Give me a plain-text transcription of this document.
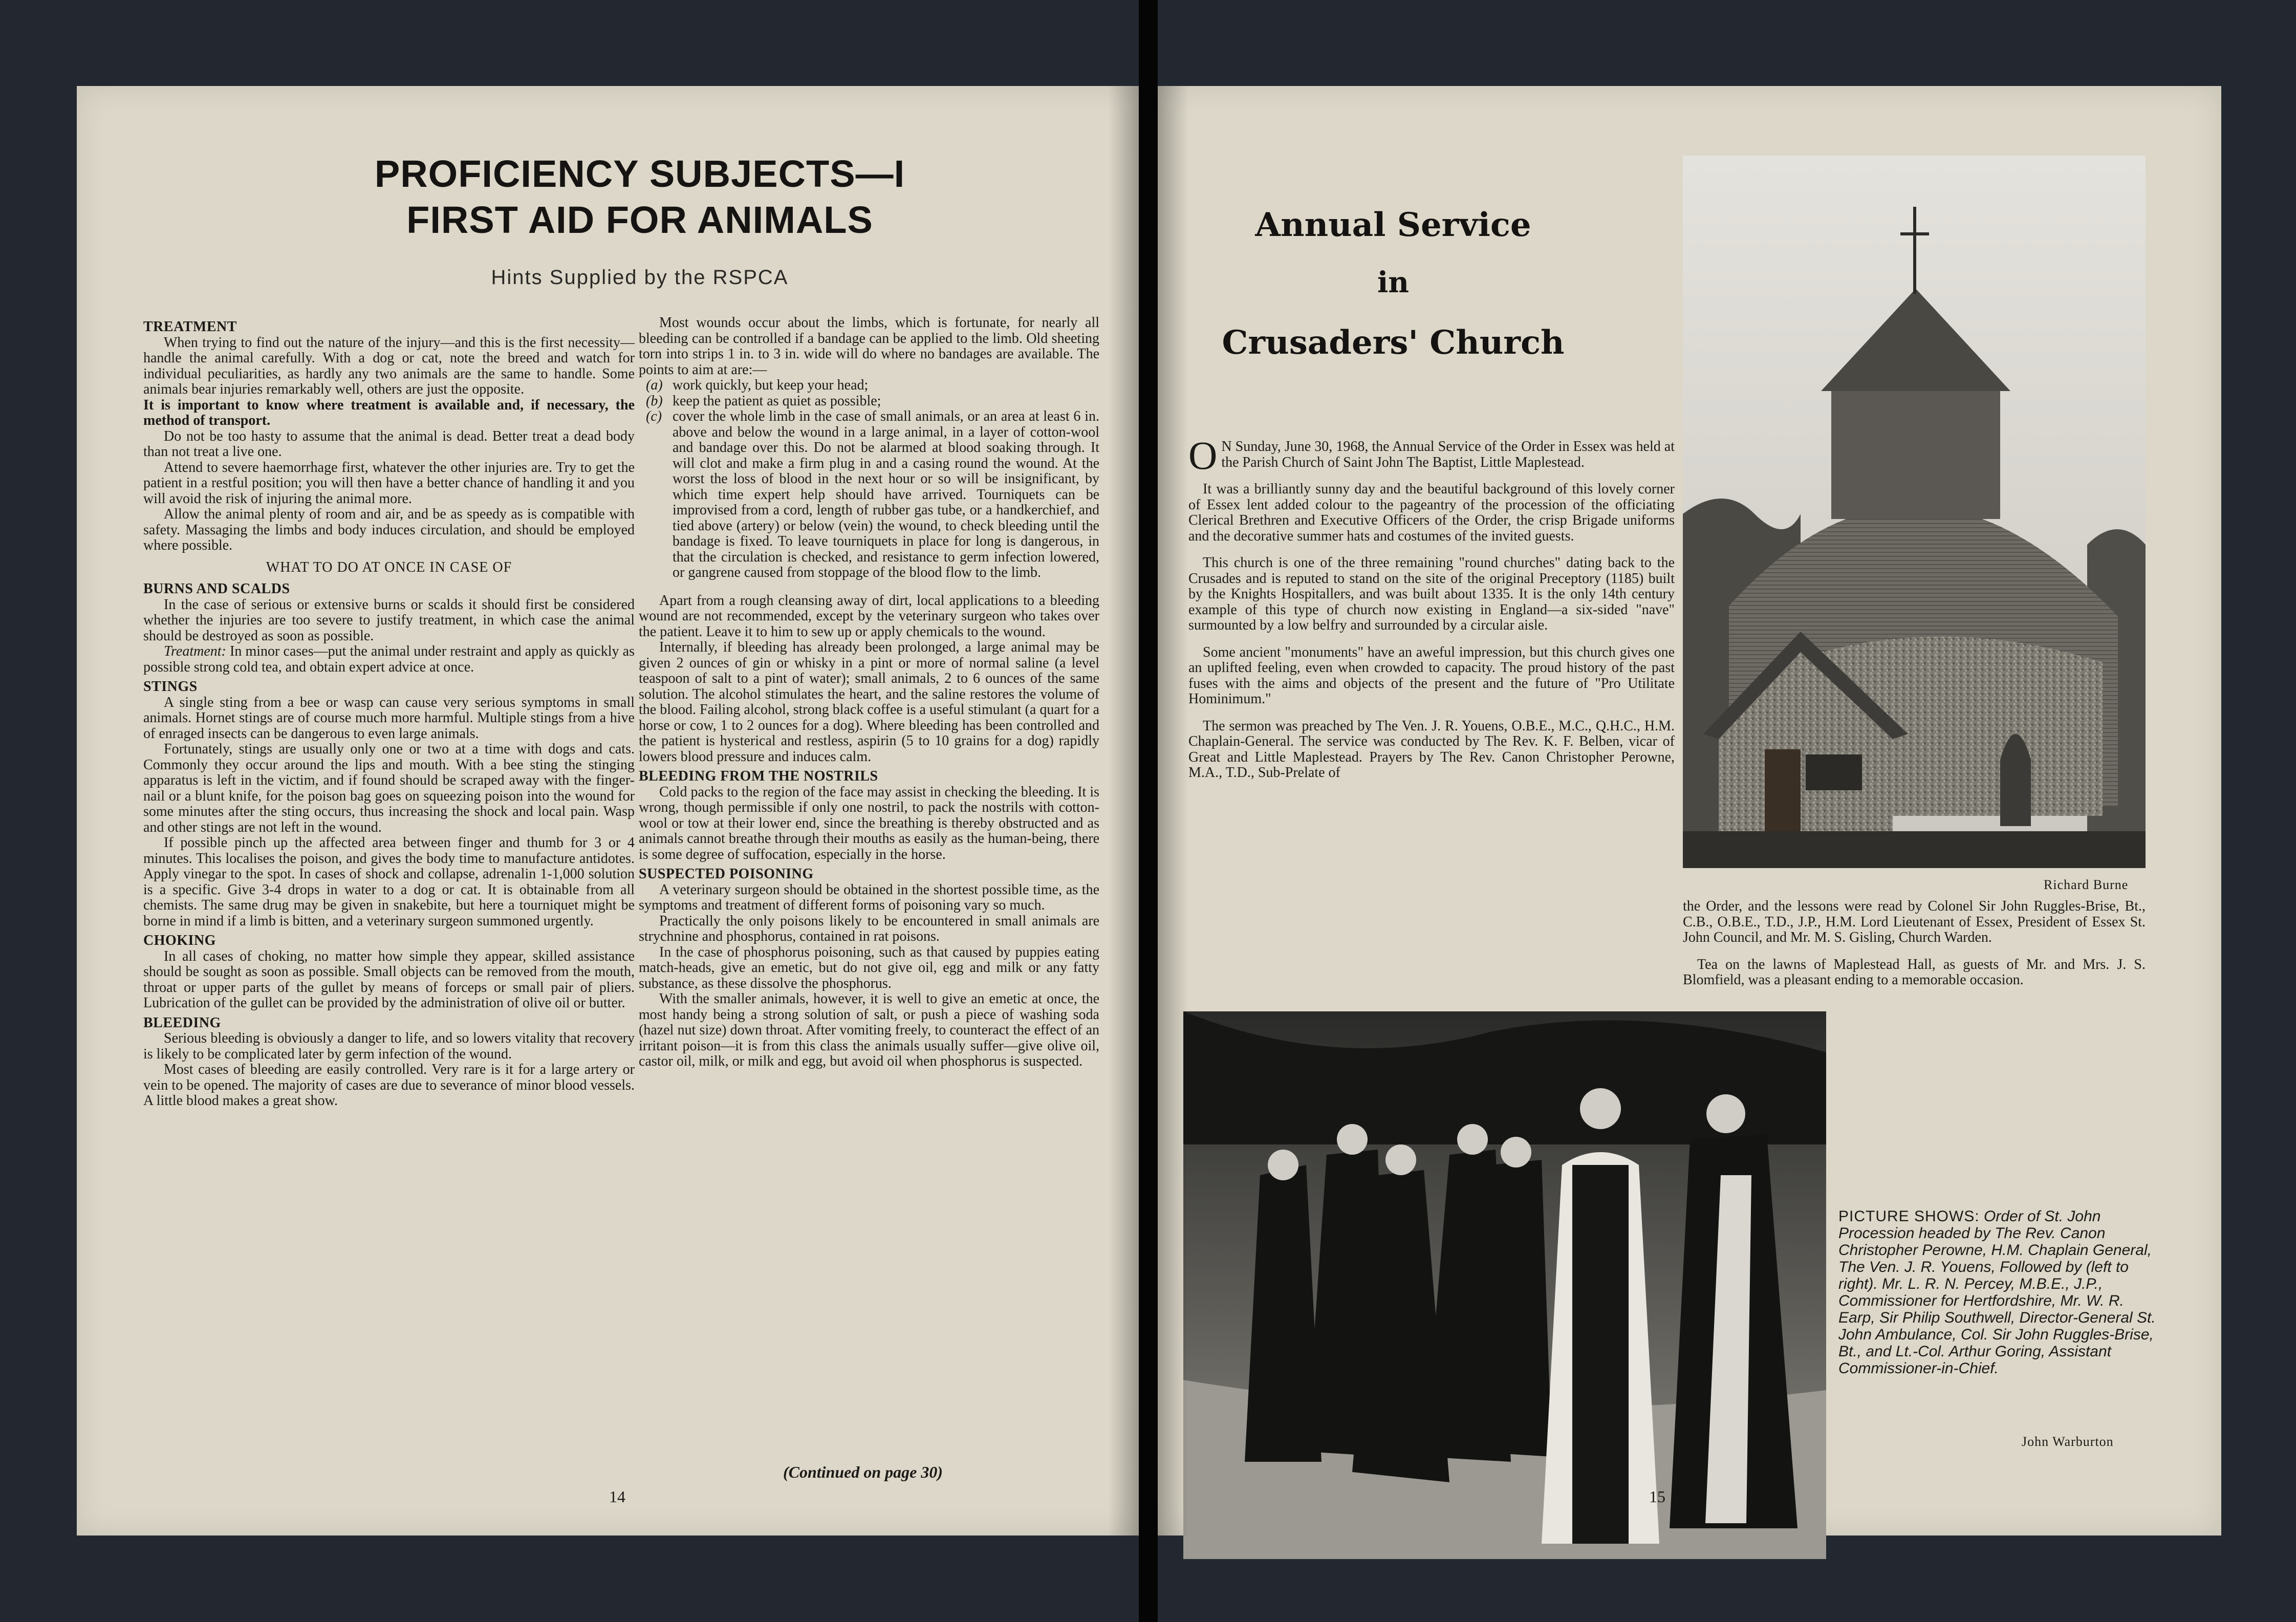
PROFICIENCY SUBJECTS—I
FIRST AID FOR ANIMALS
Hints Supplied by the RSPCA

TREATMENT

When trying to find out the nature of the injury—and this is the first necessity—handle the animal carefully. With a dog or cat, note the breed and watch for individual peculiarities, as hardly any two animals are the same to handle. Some animals bear injuries remarkably well, others are just the opposite.

It is important to know where treatment is available and, if necessary, the method of transport.

Do not be too hasty to assume that the animal is dead. Better treat a dead body than not treat a live one.

Attend to severe haemorrhage first, whatever the other injuries are. Try to get the patient in a restful position; you will then have a better chance of handling it and you will avoid the risk of injuring the animal more.

Allow the animal plenty of room and air, and be as speedy as is compatible with safety. Massaging the limbs and body induces circulation, and should be employed where possible.

WHAT TO DO AT ONCE IN CASE OF

BURNS AND SCALDS

In the case of serious or extensive burns or scalds it should first be considered whether the injuries are too severe to justify treatment, in which case the animal should be destroyed as soon as possible.

Treatment: In minor cases—put the animal under restraint and apply as quickly as possible strong cold tea, and obtain expert advice at once.

STINGS

A single sting from a bee or wasp can cause very serious symptoms in small animals. Hornet stings are of course much more harmful. Multiple stings from a hive of enraged insects can be dangerous to even large animals.

Fortunately, stings are usually only one or two at a time with dogs and cats. Commonly they occur around the lips and mouth. With a bee sting the stinging apparatus is left in the victim, and if found should be scraped away with the finger-nail or a blunt knife, for the poison bag goes on squeezing poison into the wound for some minutes after the sting occurs, thus increasing the shock and local pain. Wasp and other stings are not left in the wound.

If possible pinch up the affected area between finger and thumb for 3 or 4 minutes. This localises the poison, and gives the body time to manufacture antidotes. Apply vinegar to the spot. In cases of shock and collapse, adrenalin 1-1,000 solution is a specific. Give 3-4 drops in water to a dog or cat. It is obtainable from all chemists. The same drug may be given in snakebite, but here a tourniquet might be borne in mind if a limb is bitten, and a veterinary surgeon summoned urgently.

CHOKING

In all cases of choking, no matter how simple they appear, skilled assistance should be sought as soon as possible. Small objects can be removed from the mouth, throat or upper parts of the gullet by means of forceps or small pair of pliers. Lubrication of the gullet can be provided by the administration of olive oil or butter.

BLEEDING

Serious bleeding is obviously a danger to life, and so lowers vitality that recovery is likely to be complicated later by germ infection of the wound.

Most cases of bleeding are easily controlled. Very rare is it for a large artery or vein to be opened. The majority of cases are due to severance of minor blood vessels. A little blood makes a great show.

Most wounds occur about the limbs, which is fortunate, for nearly all bleeding can be controlled if a bandage can be applied to the limb. Old sheeting torn into strips 1 in. to 3 in. wide will do where no bandages are available. The points to aim at are:—

(a) work quickly, but keep your head;

(b) keep the patient as quiet as possible;

(c) cover the whole limb in the case of small animals, or an area at least 6 in. above and below the wound in a large animal, in a layer of cotton-wool and bandage over this. Do not be alarmed at blood soaking through. It will clot and make a firm plug in and a casing round the wound. At the worst the loss of blood in the next hour or so will be insignificant, by which time expert help should have arrived. Tourniquets can be improvised from a cord, length of rubber gas tube, or a handkerchief, and tied above (artery) or below (vein) the wound, to check bleeding until the bandage is fixed. To leave tourniquets in place for long is dangerous, in that the circulation is checked, and resistance to germ infection lowered, or gangrene caused from stoppage of the blood flow to the limb.

Apart from a rough cleansing away of dirt, local applications to a bleeding wound are not recommended, except by the veterinary surgeon who takes over the patient. Leave it to him to sew up or apply chemicals to the wound.

Internally, if bleeding has already been prolonged, a large animal may be given 2 ounces of gin or whisky in a pint or more of normal saline (a level teaspoon of salt to a pint of water); small animals, 2 to 6 ounces of the same solution. The alcohol stimulates the heart, and the saline restores the volume of the blood. Failing alcohol, strong black coffee is a useful stimulant (a quart for a horse or cow, 1 to 2 ounces for a dog). Where bleeding has been controlled and the patient is hysterical and restless, aspirin (5 to 10 grains for a dog) rapidly lowers blood pressure and induces calm.

BLEEDING FROM THE NOSTRILS

Cold packs to the region of the face may assist in checking the bleeding. It is wrong, though permissible if only one nostril, to pack the nostrils with cotton-wool or tow at their lower end, since the breathing is thereby obstructed and as animals cannot breathe through their mouths as easily as the human-being, there is some degree of suffocation, especially in the horse.

SUSPECTED POISONING

A veterinary surgeon should be obtained in the shortest possible time, as the symptoms and treatment of different forms of poisoning vary so much.

Practically the only poisons likely to be encountered in small animals are strychnine and phosphorus, contained in rat poisons.

In the case of phosphorus poisoning, such as that caused by puppies eating match-heads, give an emetic, but do not give oil, egg and milk or any fatty substance, as these dissolve the phosphorus.

With the smaller animals, however, it is well to give an emetic at once, the most handy being a strong solution of salt, or push a piece of washing soda (hazel nut size) down throat. After vomiting freely, to counteract the effect of an irritant poison—it is from this class the animals usually suffer—give olive oil, castor oil, milk, or milk and egg, but avoid oil when phosphorus is suspected.

(Continued on page 30)
14
Annual Service
in
Crusaders' Church

O N Sunday, June 30, 1968, the Annual Service of the Order in Essex was held at the Parish Church of Saint John The Baptist, Little Maplestead.

It was a brilliantly sunny day and the beautiful background of this lovely corner of Essex lent added colour to the pageantry of the procession of the officiating Clerical Brethren and Executive Officers of the Order, the crisp Brigade uniforms and the decorative summer hats and costumes of the invited guests.

This church is one of the three remaining "round churches" dating back to the Crusades and is reputed to stand on the site of the original Preceptory (1185) built by the Knights Hospitallers, and was built about 1335. It is the only 14th century example of this type of church now existing in England—a six-sided "nave" surmounted by a low belfry and surrounded by a circular aisle.

Some ancient "monuments" have an aweful impression, but this church gives one an uplifted feeling, even when crowded to capacity. The proud history of the past fuses with the aims and objects of the present and the future of "Pro Utilitate Hominimum."

The sermon was preached by The Ven. J. R. Youens, O.B.E., M.C., Q.H.C., H.M. Chaplain-General. The service was conducted by The Rev. K. F. Belben, vicar of Great and Little Maplestead. Prayers by The Rev. Canon Christopher Perowne, M.A., T.D., Sub-Prelate of

Richard Burne

the Order, and the lessons were read by Colonel Sir John Ruggles-Brise, Bt., C.B., O.B.E., T.D., J.P., H.M. Lord Lieutenant of Essex, President of Essex St. John Council, and Mr. M. S. Gisling, Church Warden.

Tea on the lawns of Maplestead Hall, as guests of Mr. and Mrs. J. S. Blomfield, was a pleasant ending to a memorable occasion.

PICTURE SHOWS: Order of St. John Procession headed by The Rev. Canon Christopher Perowne, H.M. Chaplain General, The Ven. J. R. Youens, Followed by (left to right). Mr. L. R. N. Percey, M.B.E., J.P., Commissioner for Hertfordshire, Mr. W. R. Earp, Sir Philip Southwell, Director-General St. John Ambulance, Col. Sir John Ruggles-Brise, Bt., and Lt.-Col. Arthur Goring, Assistant Commissioner-in-Chief.
John Warburton
15
